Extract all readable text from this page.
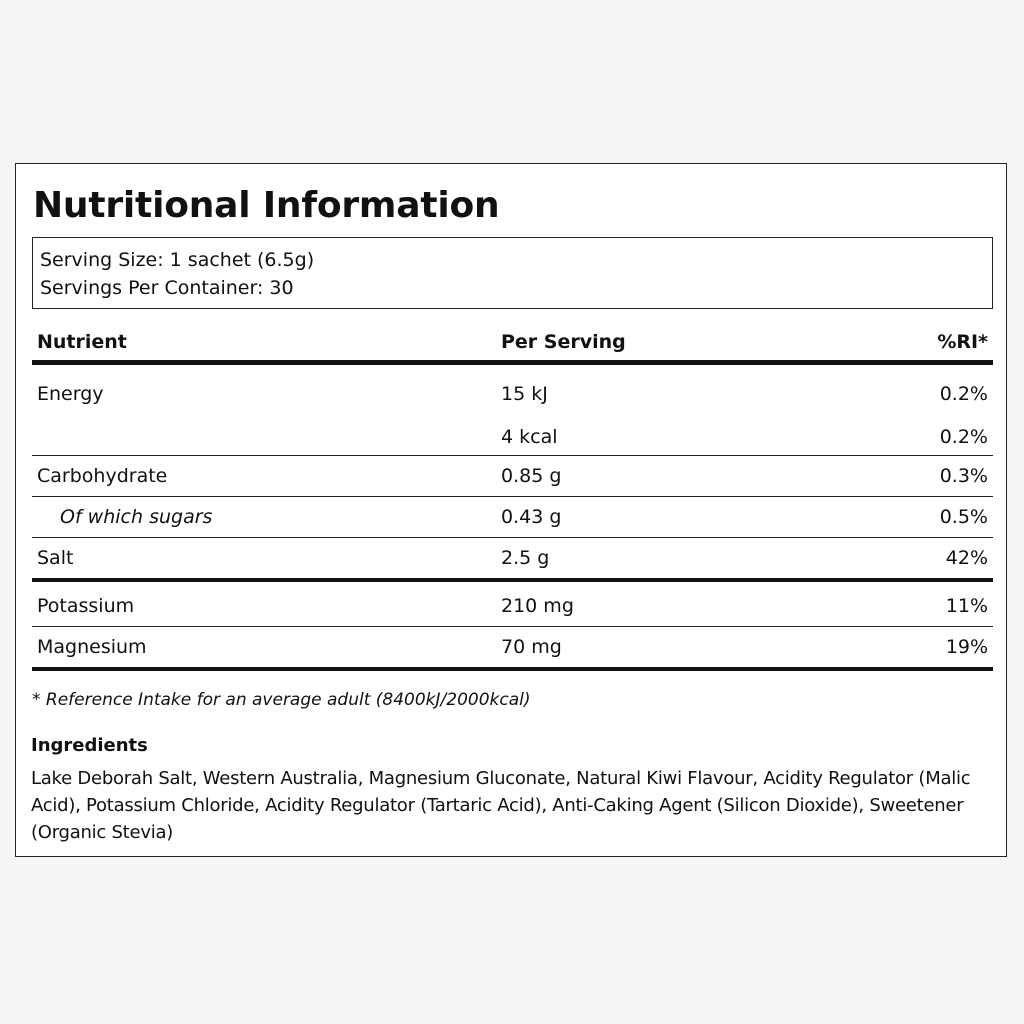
Nutritional Information
Serving Size: 1 sachet (6.5g)
Servings Per Container: 30
Nutrient	Per Serving	%RI*
Energy	15 kJ	0.2%
	4 kcal	0.2%
Carbohydrate	0.85 g	0.3%
Of which sugars	0.43 g	0.5%
Salt	2.5 g	42%

Potassium	210 mg	11%
Magnesium	70 mg	19%
* Reference Intake for an average adult (8400kJ/2000kcal)
Ingredients
Lake Deborah Salt, Western Australia, Magnesium Gluconate, Natural Kiwi Flavour, Acidity Regulator (Malic Acid), Potassium Chloride, Acidity Regulator (Tartaric Acid), Anti-Caking Agent (Silicon Dioxide), Sweetener (Organic Stevia)
